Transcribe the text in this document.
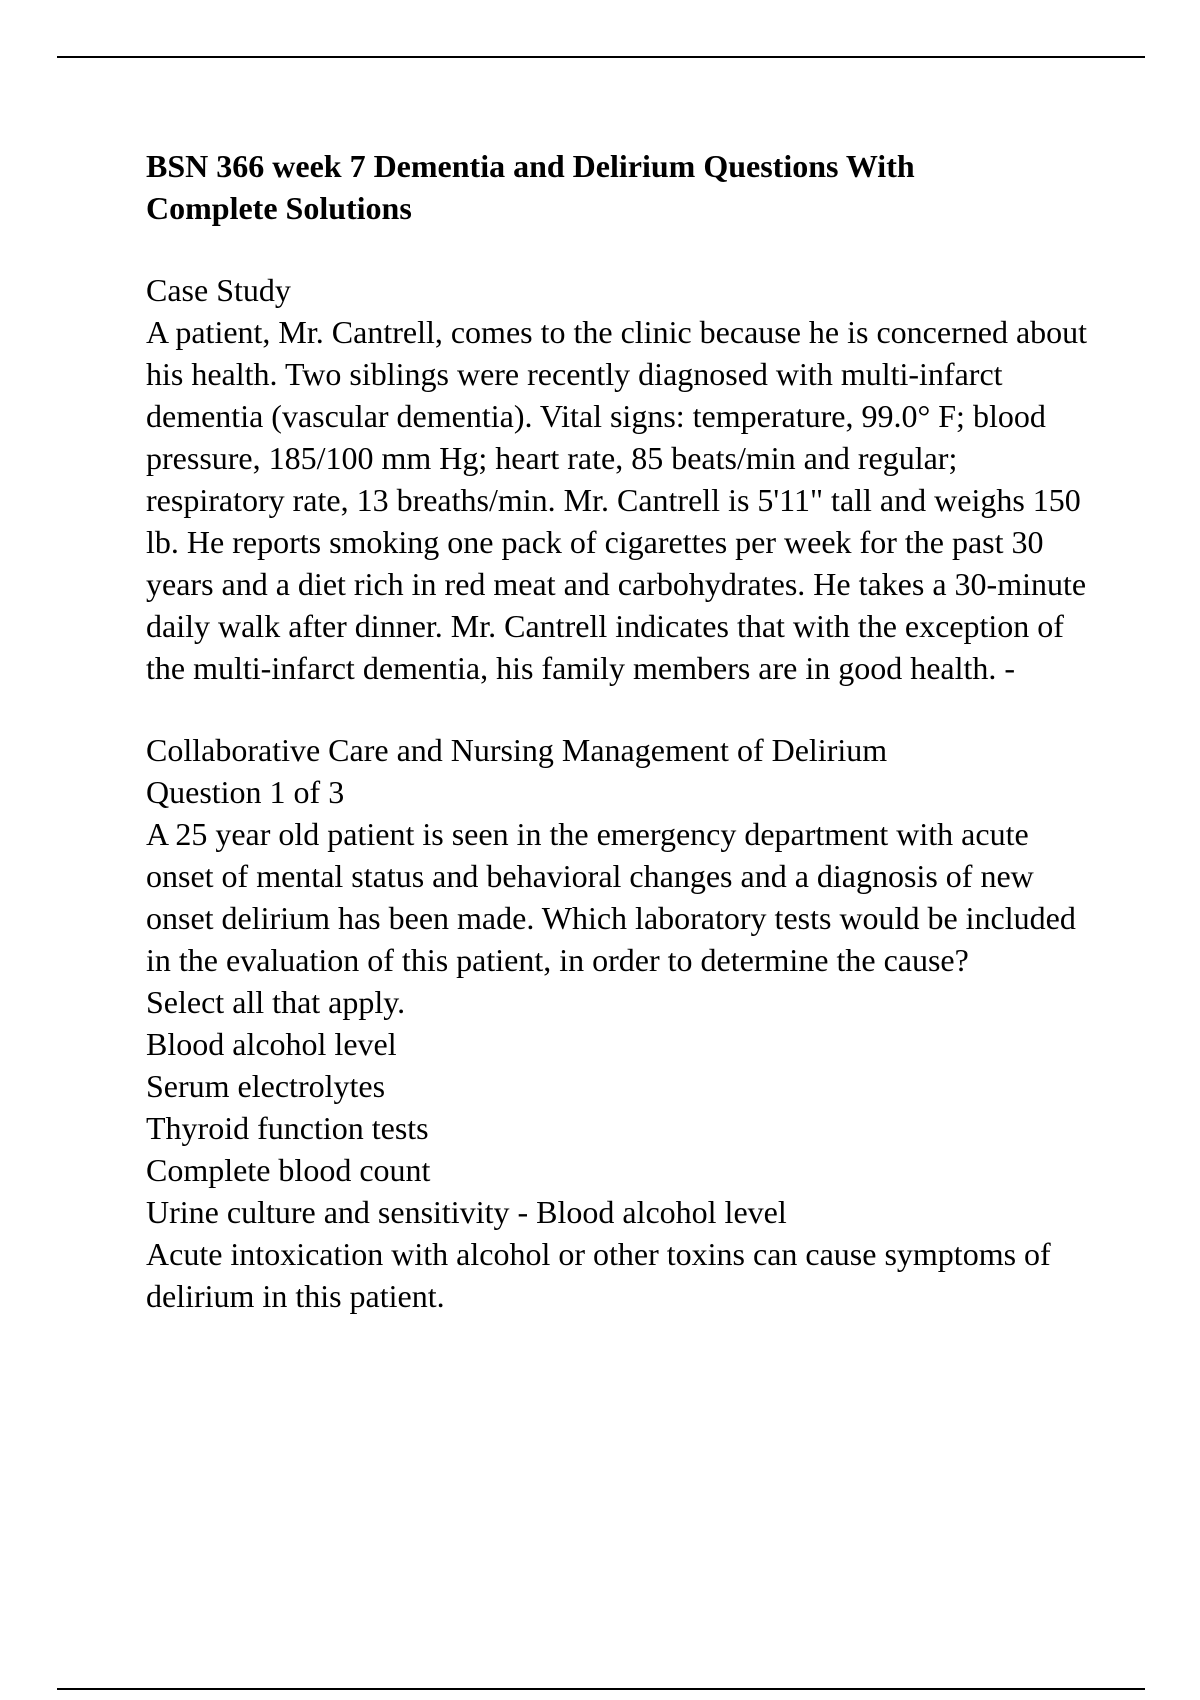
BSN 366 week 7 Dementia and Delirium Questions With Complete Solutions
Case Study
A patient, Mr. Cantrell, comes to the clinic because he is concerned about his health. Two siblings were recently diagnosed with multi-infarct dementia (vascular dementia). Vital signs: temperature, 99.0° F; blood pressure, 185/100 mm Hg; heart rate, 85 beats/min and regular; respiratory rate, 13 breaths/min. Mr. Cantrell is 5'11" tall and weighs 150 lb. He reports smoking one pack of cigarettes per week for the past 30 years and a diet rich in red meat and carbohydrates. He takes a 30-minute daily walk after dinner. Mr. Cantrell indicates that with the exception of the multi-infarct dementia, his family members are in good health. -
Collaborative Care and Nursing Management of Delirium
Question 1 of 3
A 25 year old patient is seen in the emergency department with acute onset of mental status and behavioral changes and a diagnosis of new onset delirium has been made. Which laboratory tests would be included in the evaluation of this patient, in order to determine the cause?
Select all that apply.
Blood alcohol level
Serum electrolytes
Thyroid function tests
Complete blood count
Urine culture and sensitivity - Blood alcohol level
Acute intoxication with alcohol or other toxins can cause symptoms of delirium in this patient.
